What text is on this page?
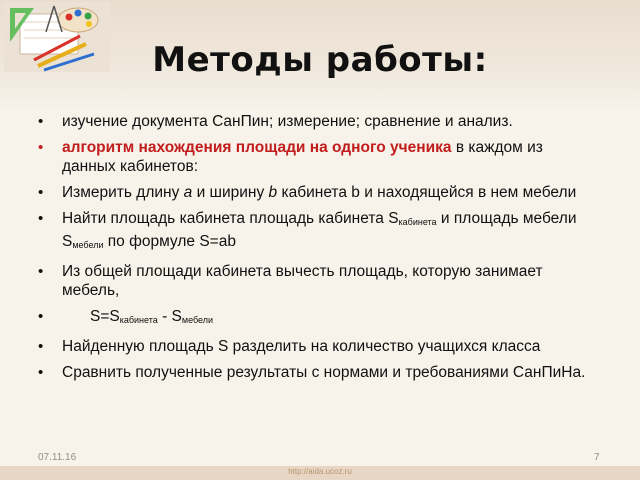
Методы работы:
• изучение документа СанПин; измерение; сравнение и анализ.
• алгоритм нахождения площади на одного ученика в каждом из данных кабинетов:
• Измерить длину а и ширину b кабинета b и находящейся в нем мебели
• Найти площадь кабинета площадь кабинета $S_{кабинета}$ и площадь мебели $S_{мебели}$ по формуле S=ab
• Из общей площади кабинета вычесть площадь, которую занимает мебель,
•	$S=S_{кабинета} - S_{мебели}$
• Найденную площадь S разделить на количество учащихся класса
• Сравнить полученные результаты с нормами и требованиями СанПиНа.
07.11.16	7
http://aida.ucoz.ru
